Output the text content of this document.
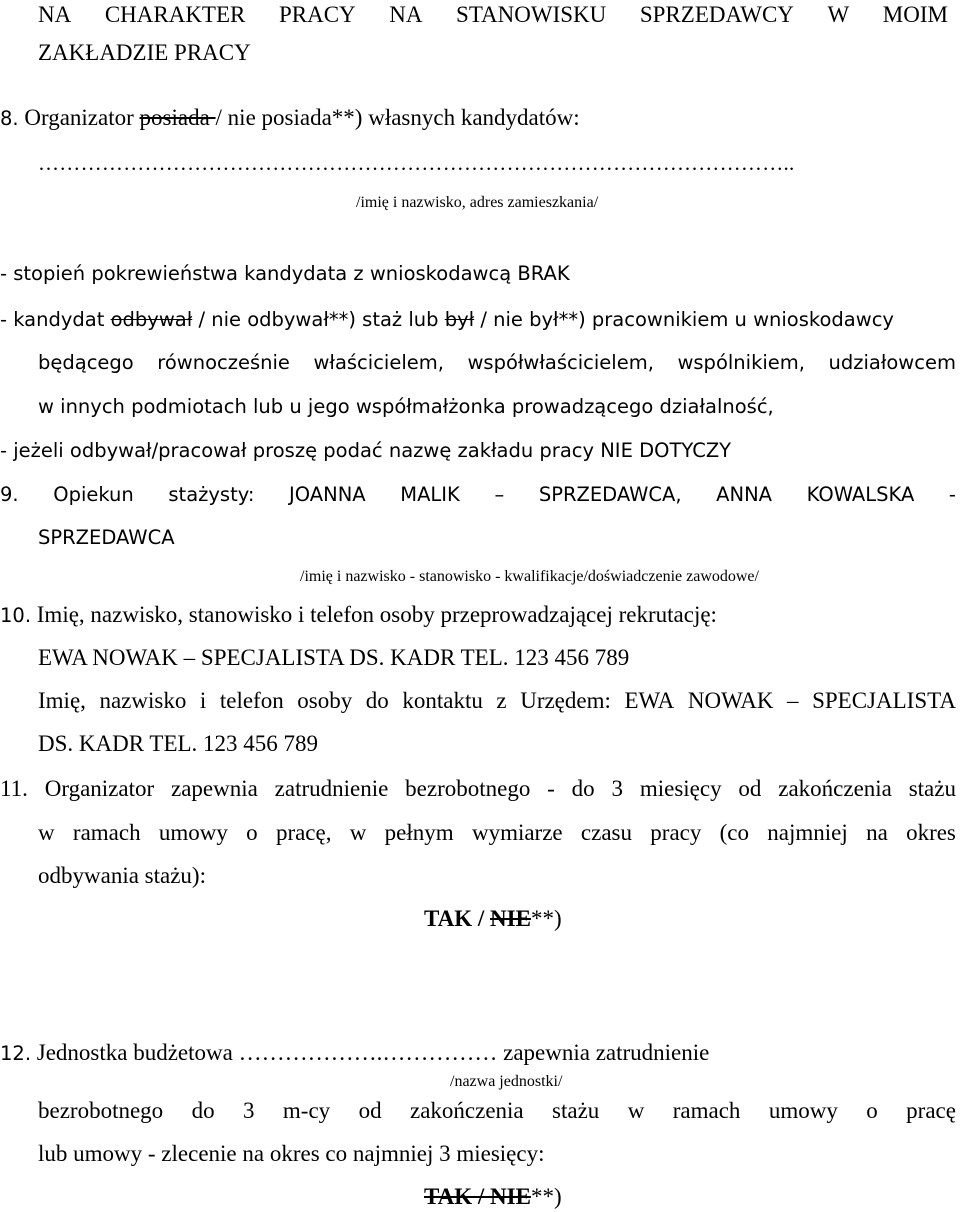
NA CHARAKTER PRACY NA STANOWISKU SPRZEDAWCY W MOIM
ZAKŁADZIE PRACY
8. Organizator posiada / nie posiada**) własnych kandydatów:
……………………………………………………………………………………………..
/imię i nazwisko, adres zamieszkania/
- stopień pokrewieństwa kandydata z wnioskodawcą BRAK
- kandydat odbywał / nie odbywał**) staż lub był / nie był**) pracownikiem u wnioskodawcy
będącego równocześnie właścicielem, współwłaścicielem, wspólnikiem, udziałowcem
w innych podmiotach lub u jego współmałżonka prowadzącego działalność,
- jeżeli odbywał/pracował proszę podać nazwę zakładu pracy NIE DOTYCZY
9. Opiekun stażysty: JOANNA MALIK – SPRZEDAWCA, ANNA KOWALSKA -
SPRZEDAWCA
/imię i nazwisko - stanowisko - kwalifikacje/doświadczenie zawodowe/
10. Imię, nazwisko, stanowisko i telefon osoby przeprowadzającej rekrutację:
EWA NOWAK – SPECJALISTA DS. KADR TEL. 123 456 789
Imię, nazwisko i telefon osoby do kontaktu z Urzędem: EWA NOWAK – SPECJALISTA
DS. KADR TEL. 123 456 789
11. Organizator zapewnia zatrudnienie bezrobotnego - do 3 miesięcy od zakończenia stażu
w ramach umowy o pracę, w pełnym wymiarze czasu pracy (co najmniej na okres
odbywania stażu):
TAK / NIE**)
12. Jednostka budżetowa ……………….…………… zapewnia zatrudnienie
/nazwa jednostki/
bezrobotnego do 3 m-cy od zakończenia stażu w ramach umowy o pracę
lub umowy - zlecenie na okres co najmniej 3 miesięcy:
TAK / NIE**)
